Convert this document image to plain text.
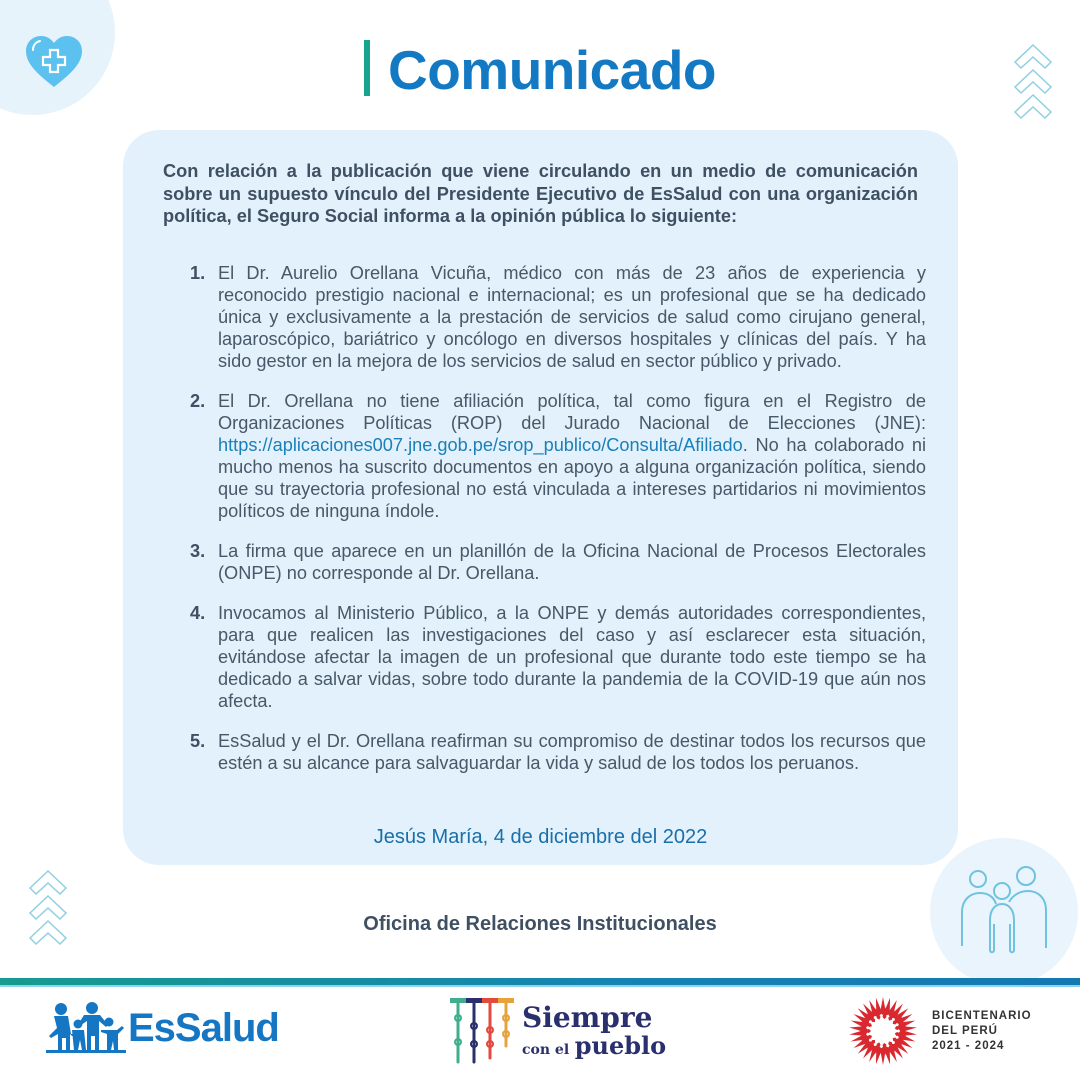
Comunicado
Con relación a la publicación que viene circulando en un medio de comunicación sobre un supuesto vínculo del Presidente Ejecutivo de EsSalud con una organización política, el Seguro Social informa a la opinión pública lo siguiente:
1. El Dr. Aurelio Orellana Vicuña, médico con más de 23 años de experiencia y reconocido prestigio nacional e internacional; es un profesional que se ha dedicado única y exclusivamente a la prestación de servicios de salud como cirujano general, laparoscópico, bariátrico y oncólogo en diversos hospitales y clínicas del país. Y ha sido gestor en la mejora de los servicios de salud en sector público y privado.
2. El Dr. Orellana no tiene afiliación política, tal como figura en el Registro de Organizaciones Políticas (ROP) del Jurado Nacional de Elecciones (JNE): https://aplicaciones007.jne.gob.pe/srop_publico/Consulta/Afiliado. No ha colaborado ni mucho menos ha suscrito documentos en apoyo a alguna organización política, siendo que su trayectoria profesional no está vinculada a intereses partidarios ni movimientos políticos de ninguna índole.
3. La firma que aparece en un planillón de la Oficina Nacional de Procesos Electorales (ONPE) no corresponde al Dr. Orellana.
4. Invocamos al Ministerio Público, a la ONPE y demás autoridades correspondientes, para que realicen las investigaciones del caso y así esclarecer esta situación, evitándose afectar la imagen de un profesional que durante todo este tiempo se ha dedicado a salvar vidas, sobre todo durante la pandemia de la COVID-19 que aún nos afecta.
5. EsSalud y el Dr. Orellana reafirman su compromiso de destinar todos los recursos que estén a su alcance para salvaguardar la vida y salud de los todos los peruanos.
Jesús María, 4 de diciembre del 2022
Oficina de Relaciones Institucionales
EsSalud	Siempre
con el pueblo
BICENTENARIO
DEL PERÚ
2021 - 2024
